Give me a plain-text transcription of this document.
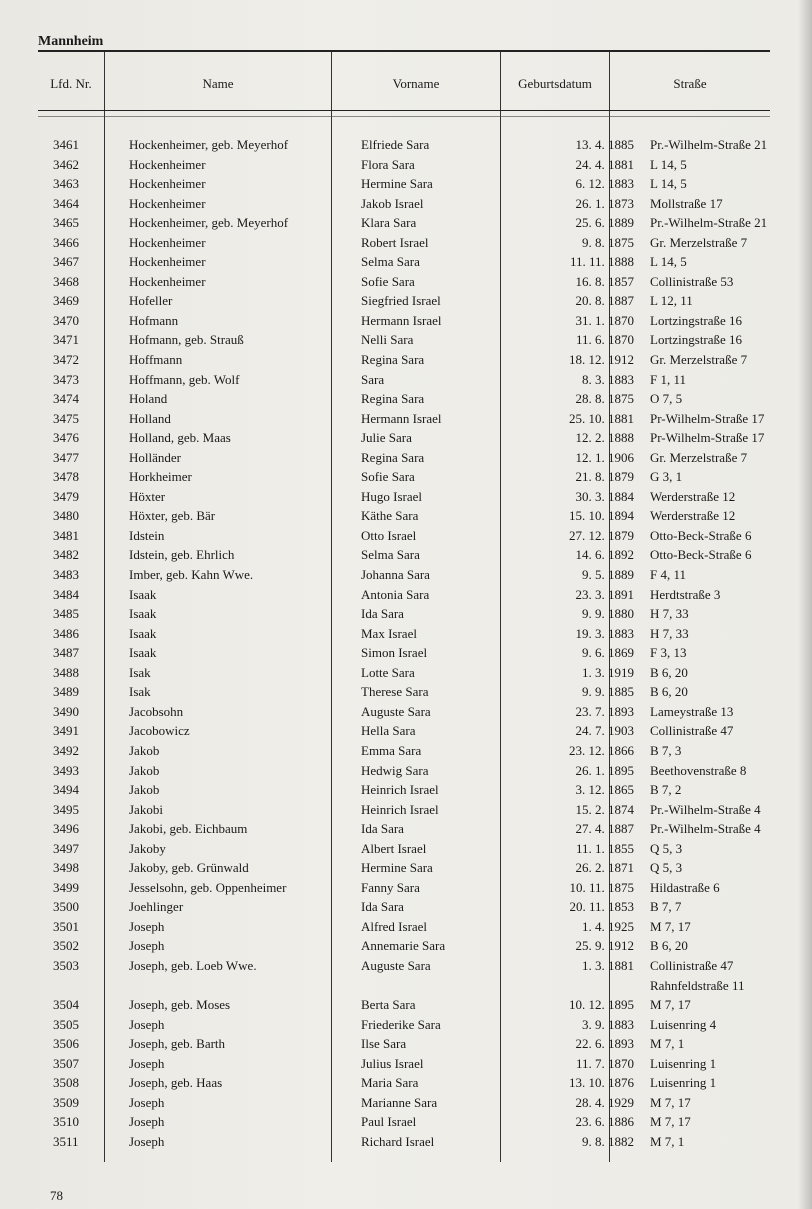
Mannheim
Lfd. Nr.	Name	Vorname	Geburtsdatum	Straße
3461	Hockenheimer, geb. Meyerhof	Elfriede Sara	13. 4. 1885	Pr.-Wilhelm-Straße 21
3462	Hockenheimer	Flora Sara	24. 4. 1881	L 14, 5
3463	Hockenheimer	Hermine Sara	6. 12. 1883	L 14, 5
3464	Hockenheimer	Jakob Israel	26. 1. 1873	Mollstraße 17
3465	Hockenheimer, geb. Meyerhof	Klara Sara	25. 6. 1889	Pr.-Wilhelm-Straße 21
3466	Hockenheimer	Robert Israel	9. 8. 1875	Gr. Merzelstraße 7
3467	Hockenheimer	Selma Sara	11. 11. 1888	L 14, 5
3468	Hockenheimer	Sofie Sara	16. 8. 1857	Collinistraße 53
3469	Hofeller	Siegfried Israel	20. 8. 1887	L 12, 11
3470	Hofmann	Hermann Israel	31. 1. 1870	Lortzingstraße 16
3471	Hofmann, geb. Strauß	Nelli Sara	11. 6. 1870	Lortzingstraße 16
3472	Hoffmann	Regina Sara	18. 12. 1912	Gr. Merzelstraße 7
3473	Hoffmann, geb. Wolf	Sara	8. 3. 1883	F 1, 11
3474	Holand	Regina Sara	28. 8. 1875	O 7, 5
3475	Holland	Hermann Israel	25. 10. 1881	Pr-Wilhelm-Straße 17
3476	Holland, geb. Maas	Julie Sara	12. 2. 1888	Pr-Wilhelm-Straße 17
3477	Holländer	Regina Sara	12. 1. 1906	Gr. Merzelstraße 7
3478	Horkheimer	Sofie Sara	21. 8. 1879	G 3, 1
3479	Höxter	Hugo Israel	30. 3. 1884	Werderstraße 12
3480	Höxter, geb. Bär	Käthe Sara	15. 10. 1894	Werderstraße 12
3481	Idstein	Otto Israel	27. 12. 1879	Otto-Beck-Straße 6
3482	Idstein, geb. Ehrlich	Selma Sara	14. 6. 1892	Otto-Beck-Straße 6
3483	Imber, geb. Kahn Wwe.	Johanna Sara	9. 5. 1889	F 4, 11
3484	Isaak	Antonia Sara	23. 3. 1891	Herdtstraße 3
3485	Isaak	Ida Sara	9. 9. 1880	H 7, 33
3486	Isaak	Max Israel	19. 3. 1883	H 7, 33
3487	Isaak	Simon Israel	9. 6. 1869	F 3, 13
3488	Isak	Lotte Sara	1. 3. 1919	B 6, 20
3489	Isak	Therese Sara	9. 9. 1885	B 6, 20
3490	Jacobsohn	Auguste Sara	23. 7. 1893	Lameystraße 13
3491	Jacobowicz	Hella Sara	24. 7. 1903	Collinistraße 47
3492	Jakob	Emma Sara	23. 12. 1866	B 7, 3
3493	Jakob	Hedwig Sara	26. 1. 1895	Beethovenstraße 8
3494	Jakob	Heinrich Israel	3. 12. 1865	B 7, 2
3495	Jakobi	Heinrich Israel	15. 2. 1874	Pr.-Wilhelm-Straße 4
3496	Jakobi, geb. Eichbaum	Ida Sara	27. 4. 1887	Pr.-Wilhelm-Straße 4
3497	Jakoby	Albert Israel	11. 1. 1855	Q 5, 3
3498	Jakoby, geb. Grünwald	Hermine Sara	26. 2. 1871	Q 5, 3
3499	Jesselsohn, geb. Oppenheimer	Fanny Sara	10. 11. 1875	Hildastraße 6
3500	Joehlinger	Ida Sara	20. 11. 1853	B 7, 7
3501	Joseph	Alfred Israel	1. 4. 1925	M 7, 17
3502	Joseph	Annemarie Sara	25. 9. 1912	B 6, 20
3503	Joseph, geb. Loeb Wwe.	Auguste Sara	1. 3. 1881	Collinistraße 47
				Rahnfeldstraße 11
3504	Joseph, geb. Moses	Berta Sara	10. 12. 1895	M 7, 17
3505	Joseph	Friederike Sara	3. 9. 1883	Luisenring 4
3506	Joseph, geb. Barth	Ilse Sara	22. 6. 1893	M 7, 1
3507	Joseph	Julius Israel	11. 7. 1870	Luisenring 1
3508	Joseph, geb. Haas	Maria Sara	13. 10. 1876	Luisenring 1
3509	Joseph	Marianne Sara	28. 4. 1929	M 7, 17
3510	Joseph	Paul Israel	23. 6. 1886	M 7, 17
3511	Joseph	Richard Israel	9. 8. 1882	M 7, 1
78
